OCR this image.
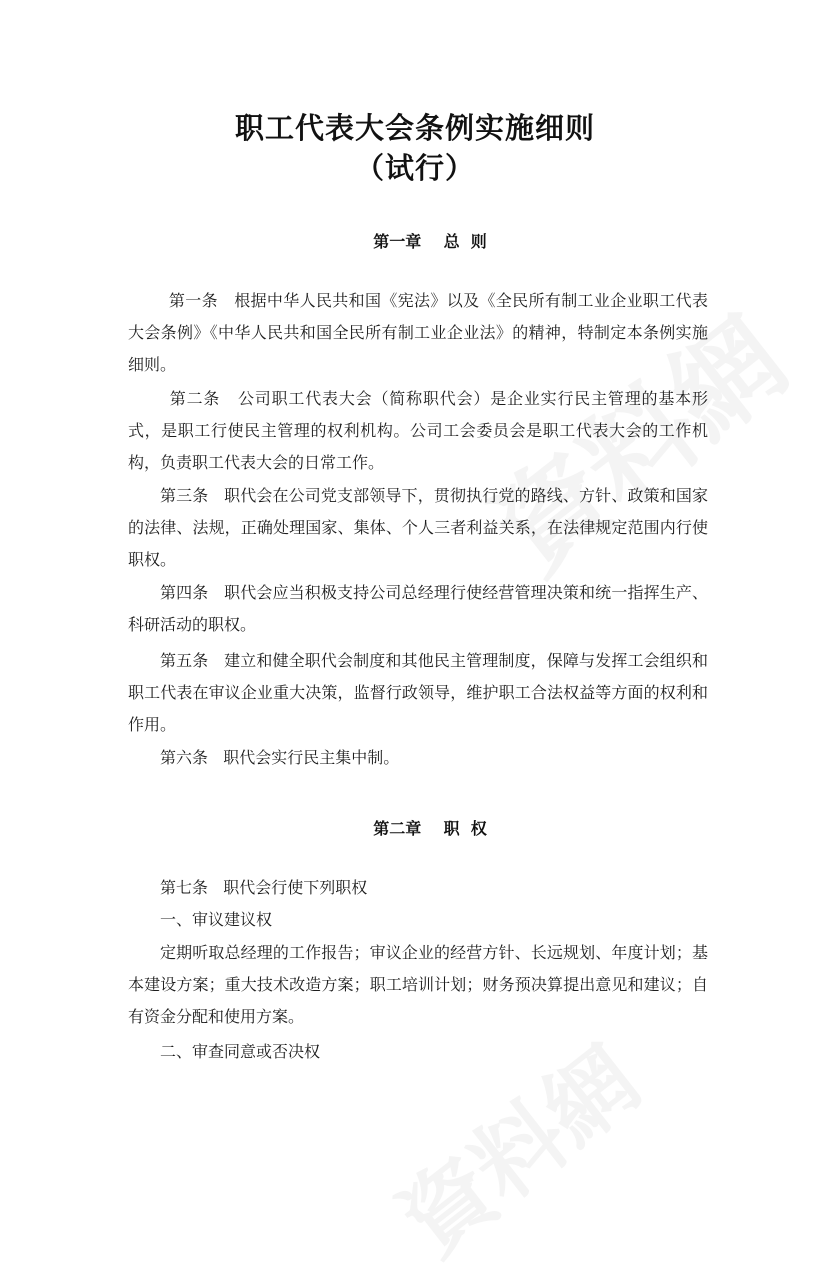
职工代表大会条例实施细则
（试行）
第一章    总  则
第一条   根据中华人民共和国《宪法》以及《全民所有制工业企业职工代表大会条例》《中华人民共和国全民所有制工业企业法》的精神，特制定本条例实施细则。
第二条   公司职工代表大会（简称职代会）是企业实行民主管理的基本形式，是职工行使民主管理的权利机构。公司工会委员会是职工代表大会的工作机构，负责职工代表大会的日常工作。
第三条   职代会在公司党支部领导下，贯彻执行党的路线、方针、政策和国家的法律、法规，正确处理国家、集体、个人三者利益关系，在法律规定范围内行使职权。
第四条   职代会应当积极支持公司总经理行使经营管理决策和统一指挥生产、科研活动的职权。
第五条   建立和健全职代会制度和其他民主管理制度，保障与发挥工会组织和职工代表在审议企业重大决策，监督行政领导，维护职工合法权益等方面的权利和作用。
第六条   职代会实行民主集中制。
第二章    职  权
第七条   职代会行使下列职权
一、审议建议权
定期听取总经理的工作报告；审议企业的经营方针、长远规划、年度计划；基本建设方案；重大技术改造方案；职工培训计划；财务预决算提出意见和建议；自有资金分配和使用方案。
二、审查同意或否决权
